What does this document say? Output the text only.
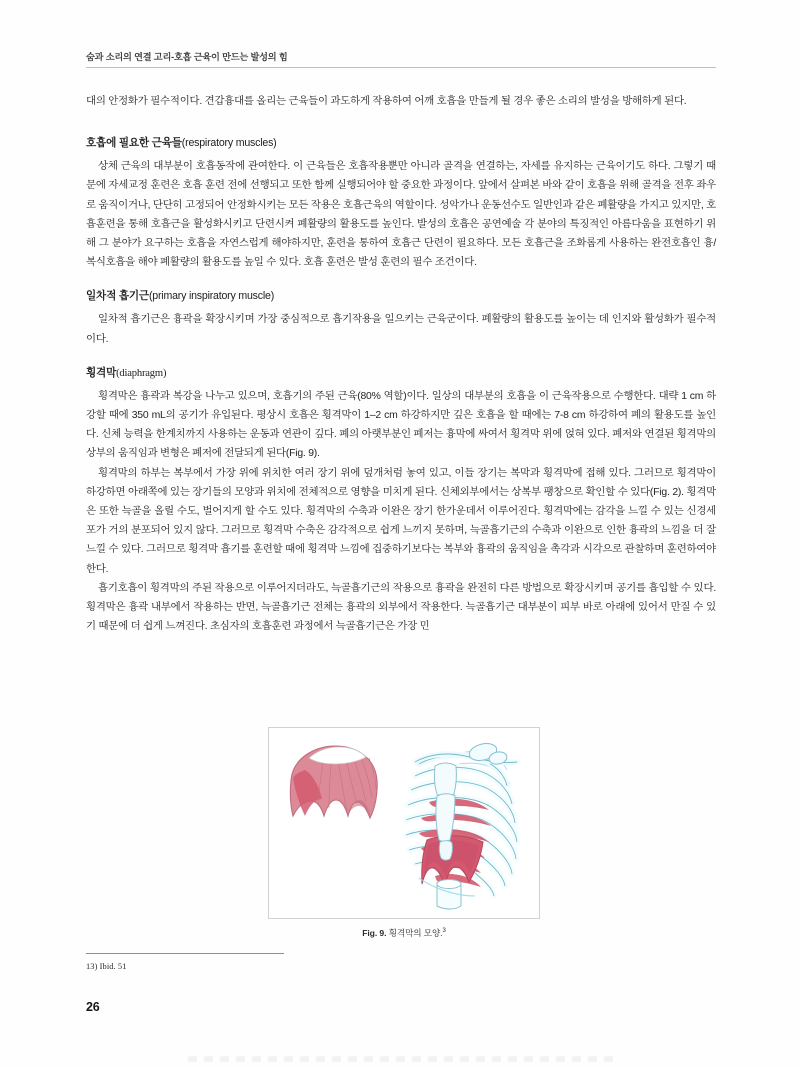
숨과 소리의 연결 고리-호흡 근육이 만드는 발성의 힘

대의 안정화가 필수적이다. 견갑흉대를 올리는 근육들이 과도하게 작용하여 어깨 호흡을 만들게 될 경우 좋은 소리의 발성을 방해하게 된다.

호흡에 필요한 근육들(respiratory muscles)

상체 근육의 대부분이 호흡동작에 관여한다. 이 근육들은 호흡작용뿐만 아니라 골격을 연결하는, 자세를 유지하는 근육이기도 하다. 그렇기 때문에 자세교정 훈련은 호흡 훈련 전에 선행되고 또한 함께 실행되어야 할 중요한 과정이다. 앞에서 살펴본 바와 같이 호흡을 위해 골격을 전후 좌우로 움직이거나, 단단히 고정되어 안정화시키는 모든 작용은 호흡근육의 역할이다. 성악가나 운동선수도 일반인과 같은 폐활량을 가지고 있지만, 호흡훈련을 통해 호흡근을 활성화시키고 단련시켜 폐활량의 활용도를 높인다. 발성의 호흡은 공연예술 각 분야의 특징적인 아름다움을 표현하기 위해 그 분야가 요구하는 호흡을 자연스럽게 해야하지만, 훈련을 통하여 호흡근 단련이 필요하다. 모든 호흡근을 조화롭게 사용하는 완전호흡인 흉/복식호흡을 해야 폐활량의 활용도를 높일 수 있다. 호흡 훈련은 발성 훈련의 필수 조건이다.

일차적 흡기근(primary inspiratory muscle)

일차적 흡기근은 흉곽을 확장시키며 가장 중심적으로 흡기작용을 일으키는 근육군이다. 폐활량의 활용도를 높이는 데 인지와 활성화가 필수적이다.

횡격막(diaphragm)

횡격막은 흉곽과 복강을 나누고 있으며, 호흡기의 주된 근육(80% 역할)이다. 일상의 대부분의 호흡을 이 근육작용으로 수행한다. 대략 1 cm 하강할 때에 350 mL의 공기가 유입된다. 평상시 호흡은 횡격막이 1–2 cm 하강하지만 깊은 호흡을 할 때에는 7-8 cm 하강하여 폐의 활용도를 높인다. 신체 능력을 한계치까지 사용하는 운동과 연관이 깊다. 폐의 아랫부분인 폐저는 흉막에 싸여서 횡격막 위에 얹혀 있다. 폐저와 연결된 횡격막의 상부의 움직임과 변형은 폐저에 전달되게 된다(Fig. 9).

횡격막의 하부는 복부에서 가장 위에 위치한 여러 장기 위에 덮개처럼 놓여 있고, 이들 장기는 복막과 횡격막에 접해 있다. 그러므로 횡격막이 하강하면 아래쪽에 있는 장기들의 모양과 위치에 전체적으로 영향을 미치게 된다. 신체외부에서는 상복부 팽창으로 확인할 수 있다(Fig. 2). 횡격막은 또한 늑골을 올릴 수도, 벌어지게 할 수도 있다. 횡격막의 수축과 이완은 장기 한가운데서 이루어진다. 횡격막에는 감각을 느낄 수 있는 신경세포가 거의 분포되어 있지 않다. 그러므로 횡격막 수축은 감각적으로 쉽게 느끼지 못하며, 늑골흡기근의 수축과 이완으로 인한 흉곽의 느낌을 더 잘 느낄 수 있다. 그러므로 횡격막 흡기를 훈련할 때에 횡격막 느낌에 집중하기보다는 복부와 흉곽의 움직임을 촉각과 시각으로 관찰하며 훈련하여야 한다.

흡기호흡이 횡격막의 주된 작용으로 이루어지더라도, 늑골흡기근의 작용으로 흉곽을 완전히 다른 방법으로 확장시키며 공기를 흡입할 수 있다. 횡격막은 흉곽 내부에서 작용하는 반면, 늑골흡기근 전체는 흉곽의 외부에서 작용한다. 늑골흡기근 대부분이 피부 바로 아래에 있어서 만질 수 있기 때문에 더 쉽게 느껴진다. 초심자의 호흡훈련 과정에서 늑골흡기근은 가장 민

Fig. 9. 횡격막의 모양.$^3$
13) Ibid. 51
26
